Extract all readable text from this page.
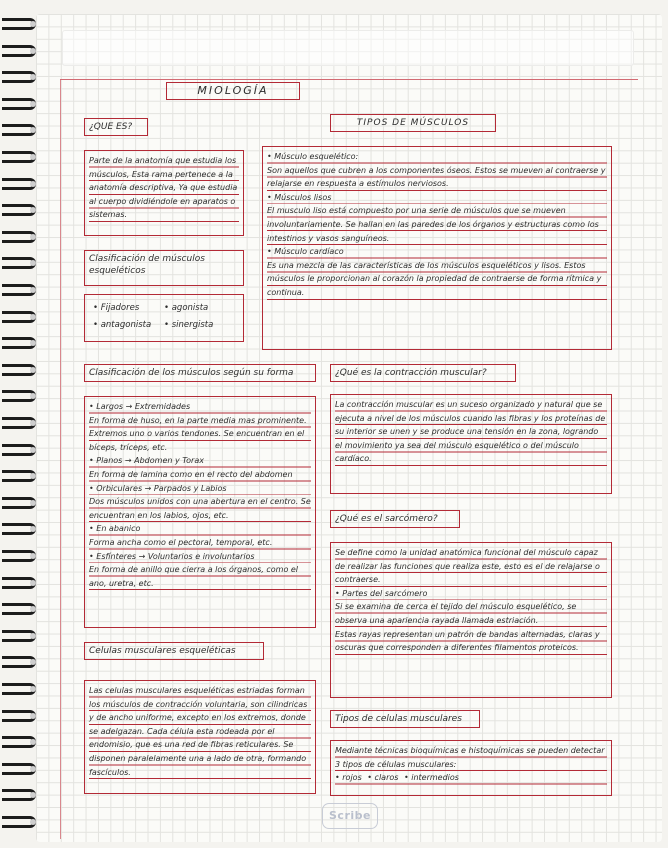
MIOLOGÍA
¿QUE ES?

Parte de la anatomía que estudia los músculos, Esta rama pertenece a la anatomía descriptiva, Ya que estudia al cuerpo dividiéndole en aparatos o sistemas.

Clasificación de músculos esqueléticos
• Fijadores	• agonista
• antagonista	• sinergista
Clasificación de los músculos según su forma

• Largos → Extremidades

En forma de huso, en la parte media mas prominente. Extremos uno o varios tendones. Se encuentran en el bíceps, tríceps, etc.

• Planos → Abdomen y Torax

En forma de lamina como en el recto del abdomen

• Orbiculares → Parpados y Labios

Dos músculos unidos con una abertura en el centro. Se encuentran en los labios, ojos, etc.

• En abanico

Forma ancha como el pectoral, temporal, etc.

• Esfínteres → Voluntarios e involuntarios

En forma de anillo que cierra a los órganos, como el ano, uretra, etc.

Celulas musculares esqueléticas

Las celulas musculares esqueléticas estriadas forman los músculos de contracción voluntaria, son cilindricas y de ancho uniforme, excepto en los extremos, donde se adelgazan. Cada célula esta rodeada por el endomisio, que es una red de fibras reticulares. Se disponen paralelamente una a lado de otra, formando fascículos.

TIPOS DE MÚSCULOS

• Músculo esquelético:

Son aquellos que cubren a los componentes óseos. Estos se mueven al contraerse y relajarse en respuesta a estímulos nerviosos.

• Músculos lisos

El musculo liso está compuesto por una serie de músculos que se mueven involuntariamente. Se hallan en las paredes de los órganos y estructuras como los intestinos y vasos sanguíneos.

• Músculo cardíaco

Es una mezcla de las características de los músculos esqueléticos y lisos. Estos músculos le proporcionan al corazón la propiedad de contraerse de forma rítmica y continua.

¿Qué es la contracción muscular?

La contracción muscular es un suceso organizado y natural que se ejecuta a nivel de los músculos cuando las fibras y los proteínas de su interior se unen y se produce una tensión en la zona, logrando el movimiento ya sea del músculo esquelético o del músculo cardíaco.

¿Qué es el sarcómero?

Se define como la unidad anatómica funcional del músculo capaz de realizar las funciones que realiza este, esto es el de relajarse o contraerse.

• Partes del sarcómero

Si se examina de cerca el tejido del músculo esquelético, se observa una apariencia rayada llamada estriación.

Estas rayas representan un patrón de bandas alternadas, claras y oscuras que corresponden a diferentes filamentos proteicos.

Tipos de celulas musculares

Mediante técnicas bioquímicas e histoquímicas se pueden detectar 3 tipos de células musculares:

• rojos • claros • intermedios

Scribe
